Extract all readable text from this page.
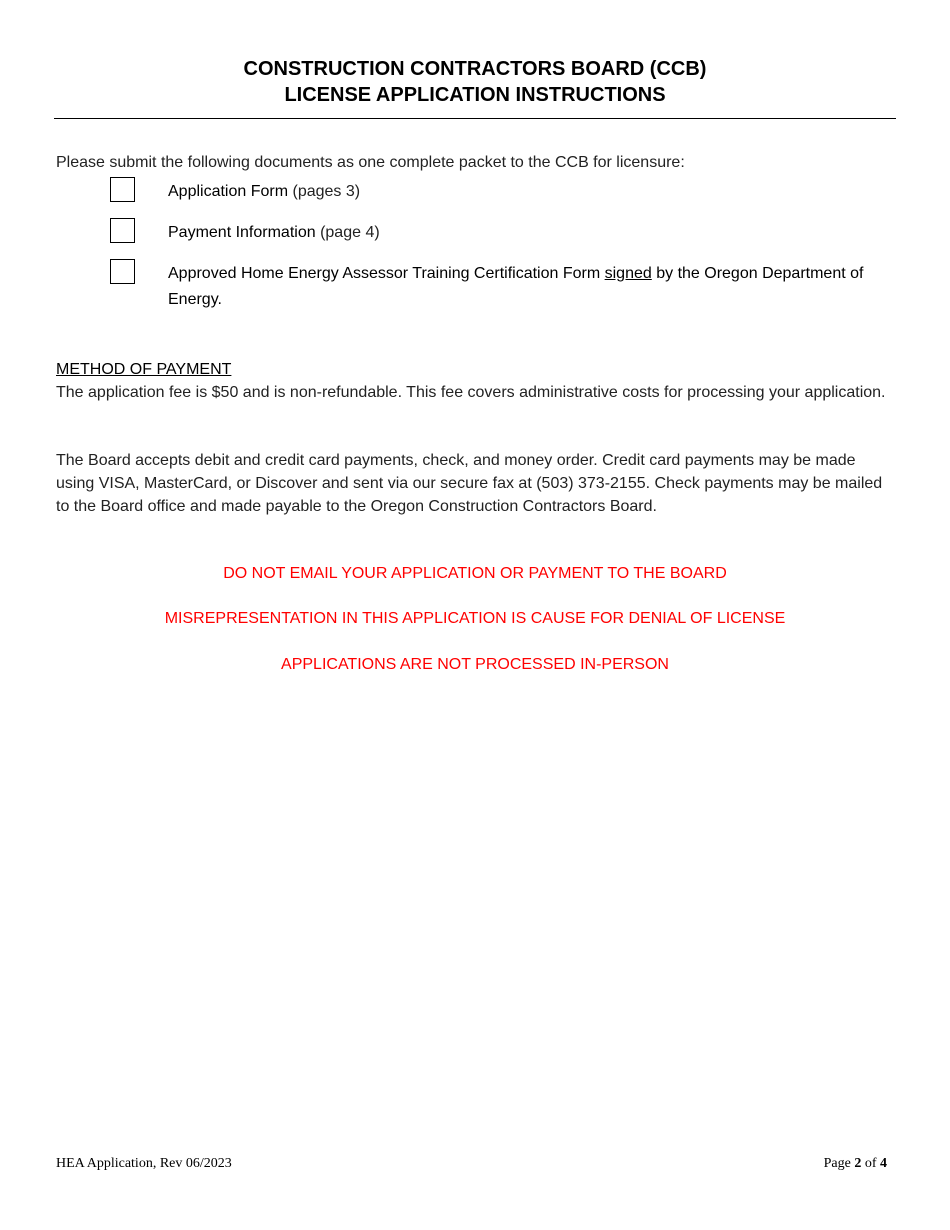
CONSTRUCTION CONTRACTORS BOARD (CCB)
LICENSE APPLICATION INSTRUCTIONS
Please submit the following documents as one complete packet to the CCB for licensure:
Application Form (pages 3)
Payment Information (page 4)
Approved Home Energy Assessor Training Certification Form signed by the Oregon Department of Energy.
METHOD OF PAYMENT
The application fee is $50 and is non-refundable. This fee covers administrative costs for processing your application.
The Board accepts debit and credit card payments, check, and money order. Credit card payments may be made using VISA, MasterCard, or Discover and sent via our secure fax at (503) 373-2155. Check payments may be mailed to the Board office and made payable to the Oregon Construction Contractors Board.
DO NOT EMAIL YOUR APPLICATION OR PAYMENT TO THE BOARD
MISREPRESENTATION IN THIS APPLICATION IS CAUSE FOR DENIAL OF LICENSE
APPLICATIONS ARE NOT PROCESSED IN-PERSON
HEA Application, Rev 06/2023	Page 2 of 4
